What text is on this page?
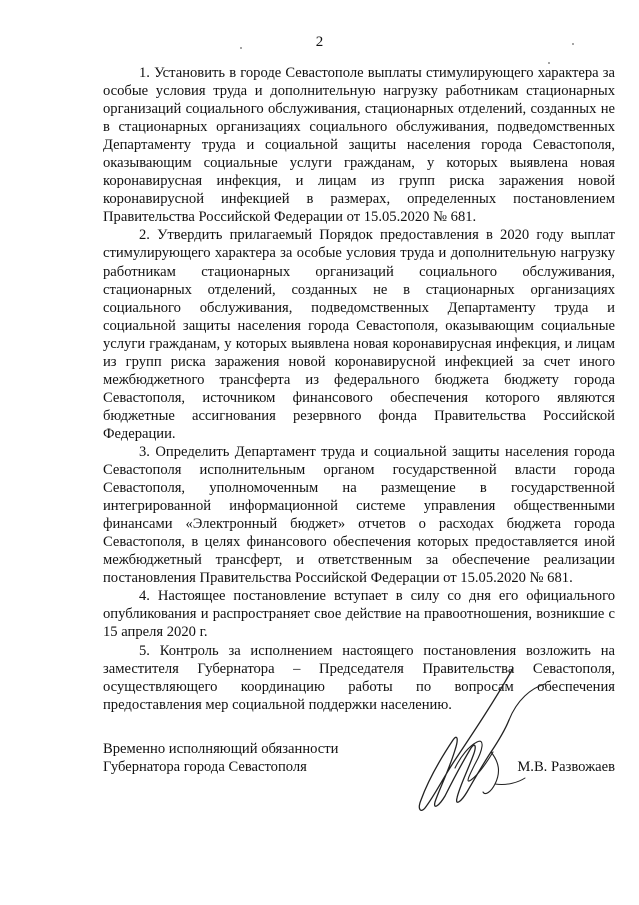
2

1. Установить в городе Севастополе выплаты стимулирующего характера за особые условия труда и дополнительную нагрузку работникам стационарных организаций социального обслуживания, стационарных отделений, созданных не в стационарных организациях социального обслуживания, подведомственных Департаменту труда и социальной защиты населения города Севастополя, оказывающим социальные услуги гражданам, у которых выявлена новая коронавирусная инфекция, и лицам из групп риска заражения новой коронавирусной инфекцией в размерах, определенных постановлением Правительства Российской Федерации от 15.05.2020 № 681.

2. Утвердить прилагаемый Порядок предоставления в 2020 году выплат стимулирующего характера за особые условия труда и дополнительную нагрузку работникам стационарных организаций социального обслуживания, стационарных отделений, созданных не в стационарных организациях социального обслуживания, подведомственных Департаменту труда и социальной защиты населения города Севастополя, оказывающим социальные услуги гражданам, у которых выявлена новая коронавирусная инфекция, и лицам из групп риска заражения новой коронавирусной инфекцией за счет иного межбюджетного трансферта из федерального бюджета бюджету города Севастополя, источником финансового обеспечения которого являются бюджетные ассигнования резервного фонда Правительства Российской Федерации.

3. Определить Департамент труда и социальной защиты населения города Севастополя исполнительным органом государственной власти города Севастополя, уполномоченным на размещение в государственной интегрированной информационной системе управления общественными финансами «Электронный бюджет» отчетов о расходах бюджета города Севастополя, в целях финансового обеспечения которых предоставляется иной межбюджетный трансферт, и ответственным за обеспечение реализации постановления Правительства Российской Федерации от 15.05.2020 № 681.

4. Настоящее постановление вступает в силу со дня его официального опубликования и распространяет свое действие на правоотношения, возникшие с 15 апреля 2020 г.

5. Контроль за исполнением настоящего постановления возложить на заместителя Губернатора – Председателя Правительства Севастополя, осуществляющего координацию работы по вопросам обеспечения предоставления мер социальной поддержки населению.

Временно исполняющий обязанности
Губернатора города Севастополя	М.В. Развожаев
